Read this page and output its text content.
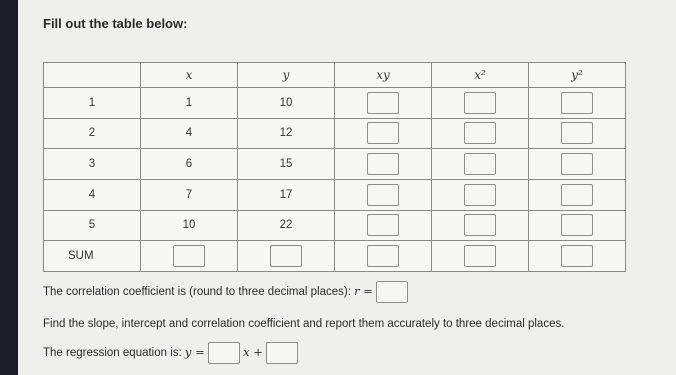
Fill out the table below:
	x	y	xy	x²	y²
1	1	10			
2	4	12			
3	6	15			
4	7	17			
5	10	22			
SUM					
The correlation coefficient is (round to three decimal places): r =
Find the slope, intercept and correlation coefficient and report them accurately to three decimal places.
The regression equation is: y =	x +
